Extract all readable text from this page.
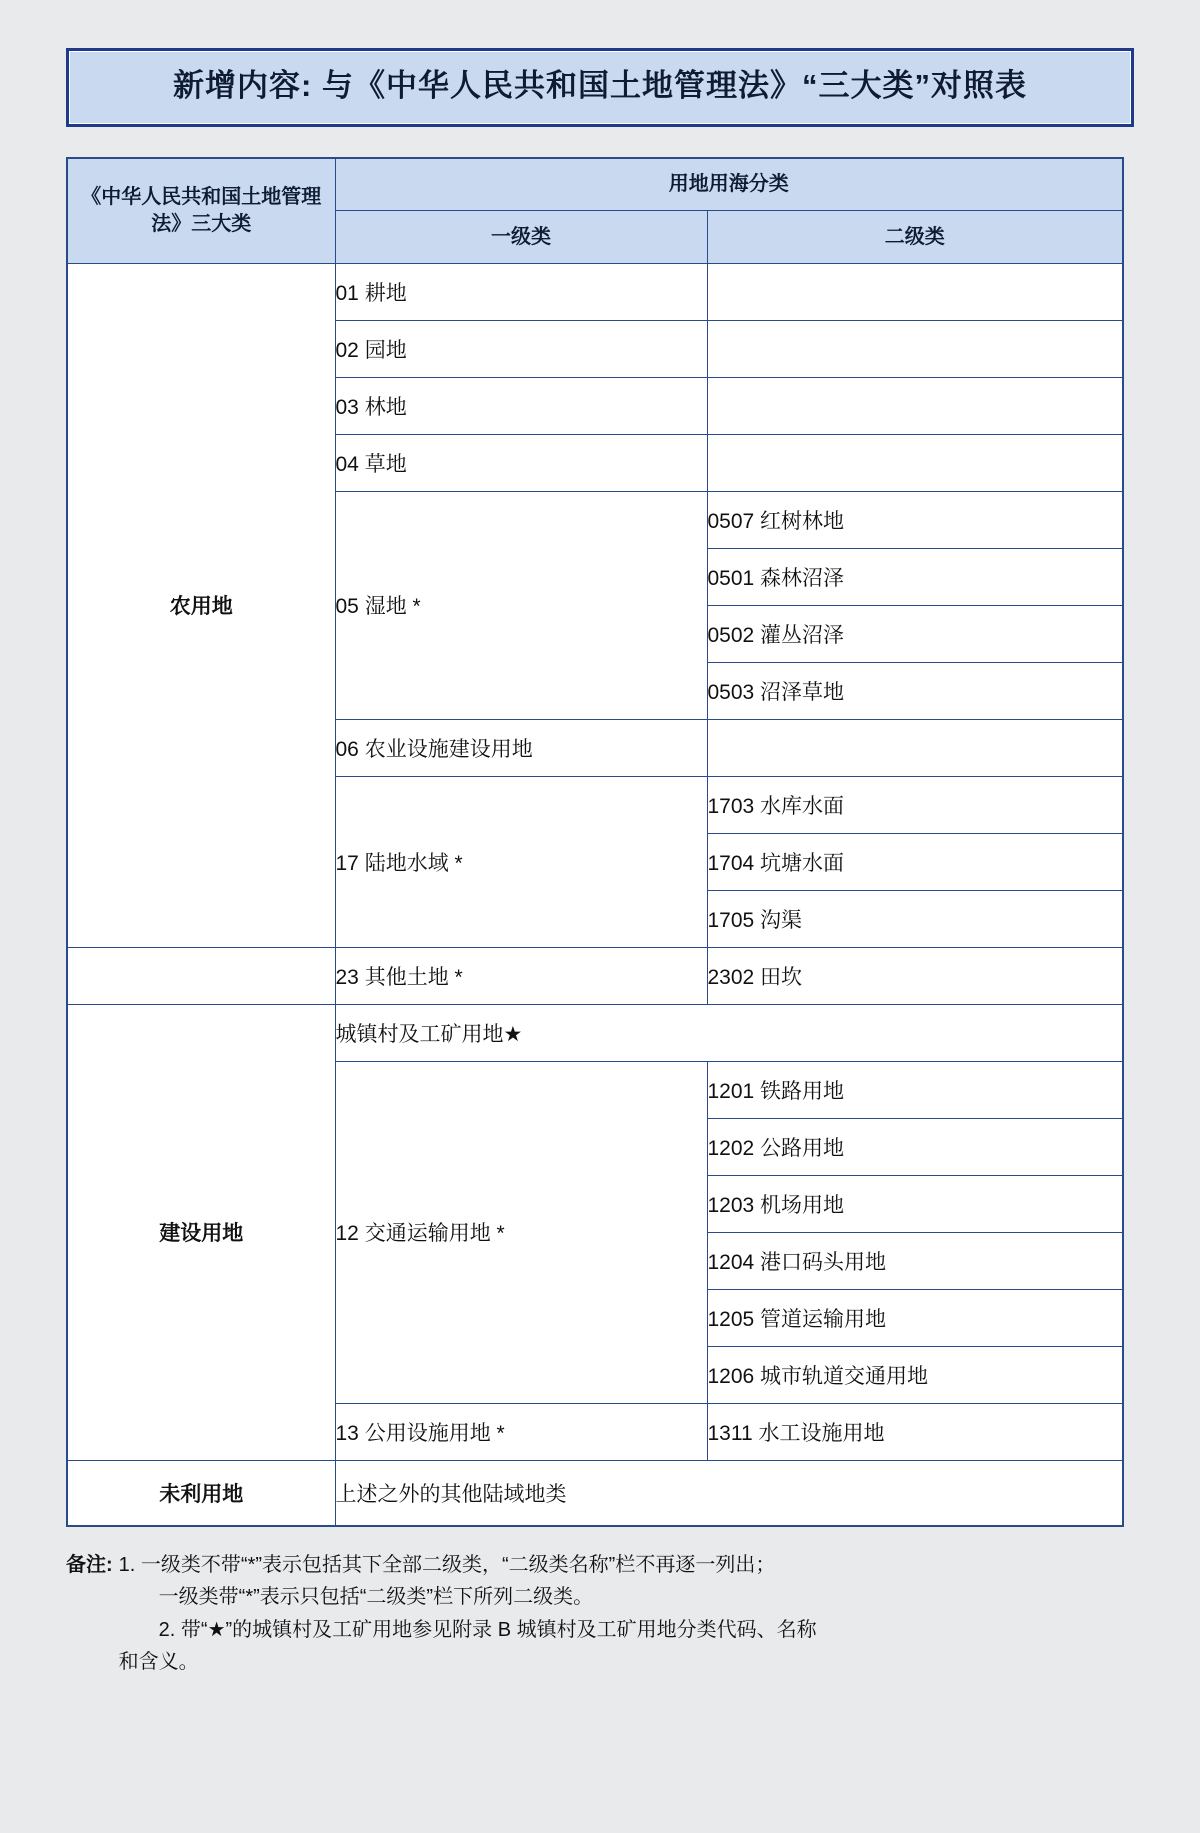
新增内容: 与《中华人民共和国土地管理法》“三大类”对照表
《中华人民共和国土地管理法》三大类	用地用海分类	
	一级类	二级类
农用地	01 耕地	
	02 园地	
	03 林地	
	04 草地	
	05 湿地 *	0507 红树林地
		0501 森林沼泽
		0502 灌丛沼泽
		0503 沼泽草地
	06 农业设施建设用地	
	17 陆地水域 *	1703 水库水面
		1704 坑塘水面
		1705 沟渠
	23 其他土地 *	2302 田坎
建设用地	城镇村及工矿用地★	
	12 交通运输用地 *	1201 铁路用地
		1202 公路用地
		1203 机场用地
		1204 港口码头用地
		1205 管道运输用地
		1206 城市轨道交通用地
	13 公用设施用地 *	1311 水工设施用地
未利用地	上述之外的其他陆域地类	
备注: 1. 一级类不带“*”表示包括其下全部二级类，“二级类名称”栏不再逐一列出；

一级类带“*”表示只包括“二级类”栏下所列二级类。

2. 带“★”的城镇村及工矿用地参见附录 B 城镇村及工矿用地分类代码、名称

和含义。
